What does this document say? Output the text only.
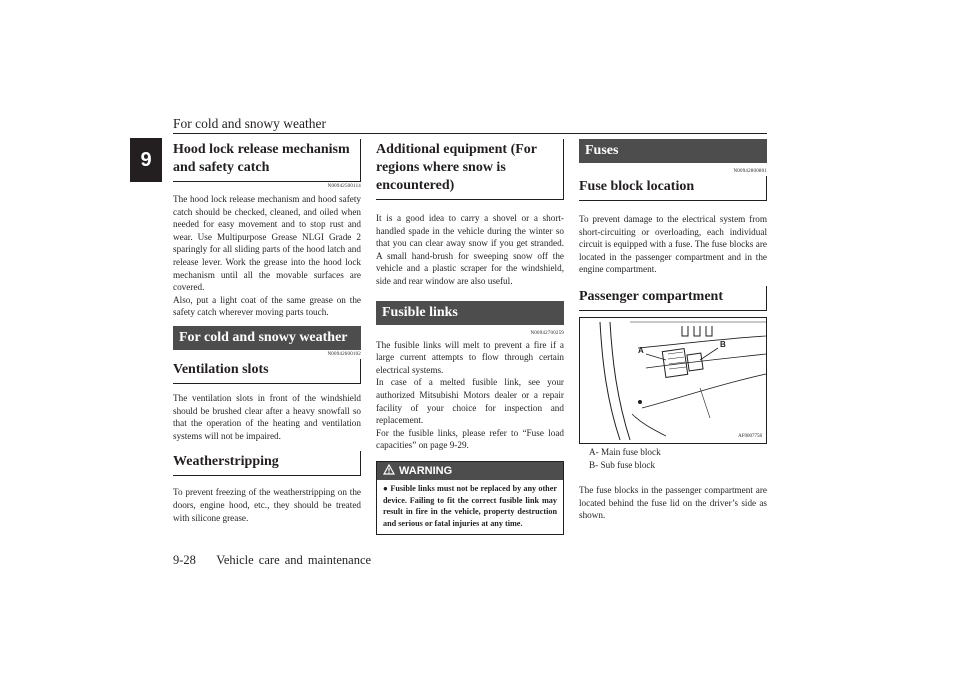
For cold and snowy weather
9	Hood lock release mechanism and safety catch
N00942500114

The hood lock release mechanism and hood safety catch should be checked, cleaned, and oiled when needed for easy movement and to stop rust and wear. Use Multipurpose Grease NLGI Grade 2 sparingly for all sliding parts of the hood latch and release lever. Work the grease into the hood lock mechanism until all the movable surfaces are covered.

Also, put a light coat of the same grease on the safety catch wherever moving parts touch.

For cold and snowy weather
N00942600102
Ventilation slots

The ventilation slots in front of the windshield should be brushed clear after a heavy snowfall so that the operation of the heating and ventilation systems will not be impaired.

Weatherstripping

To prevent freezing of the weatherstripping on the doors, engine hood, etc., they should be treated with silicone grease.

Additional equipment (For regions where snow is encountered)

It is a good idea to carry a shovel or a short-handled spade in the vehicle during the winter so that you can clear away snow if you get stranded. A small hand-brush for sweeping snow off the vehicle and a plastic scraper for the windshield, side and rear window are also useful.

Fusible links
N00942700259

The fusible links will melt to prevent a fire if a large current attempts to flow through certain electrical systems.

In case of a melted fusible link, see your authorized Mitsubishi Motors dealer or a repair facility of your choice for inspection and replacement.

For the fusible links, please refer to “Fuse load capacities” on page 9-29.

WARNING
● Fusible links must not be replaced by any other device. Failing to fit the correct fusible link may result in fire in the vehicle, property destruction and serious or fatal injuries at any time.
Fuses
N00942800801
Fuse block location

To prevent damage to the electrical system from short-circuiting or overloading, each individual circuit is equipped with a fuse. The fuse blocks are located in the passenger compartment and in the engine compartment.

Passenger compartment
A
B
AF0007758
A- Main fuse block
B- Sub fuse block

The fuse blocks in the passenger compartment are located behind the fuse lid on the driver’s side as shown.

9-28 Vehicle care and maintenance
